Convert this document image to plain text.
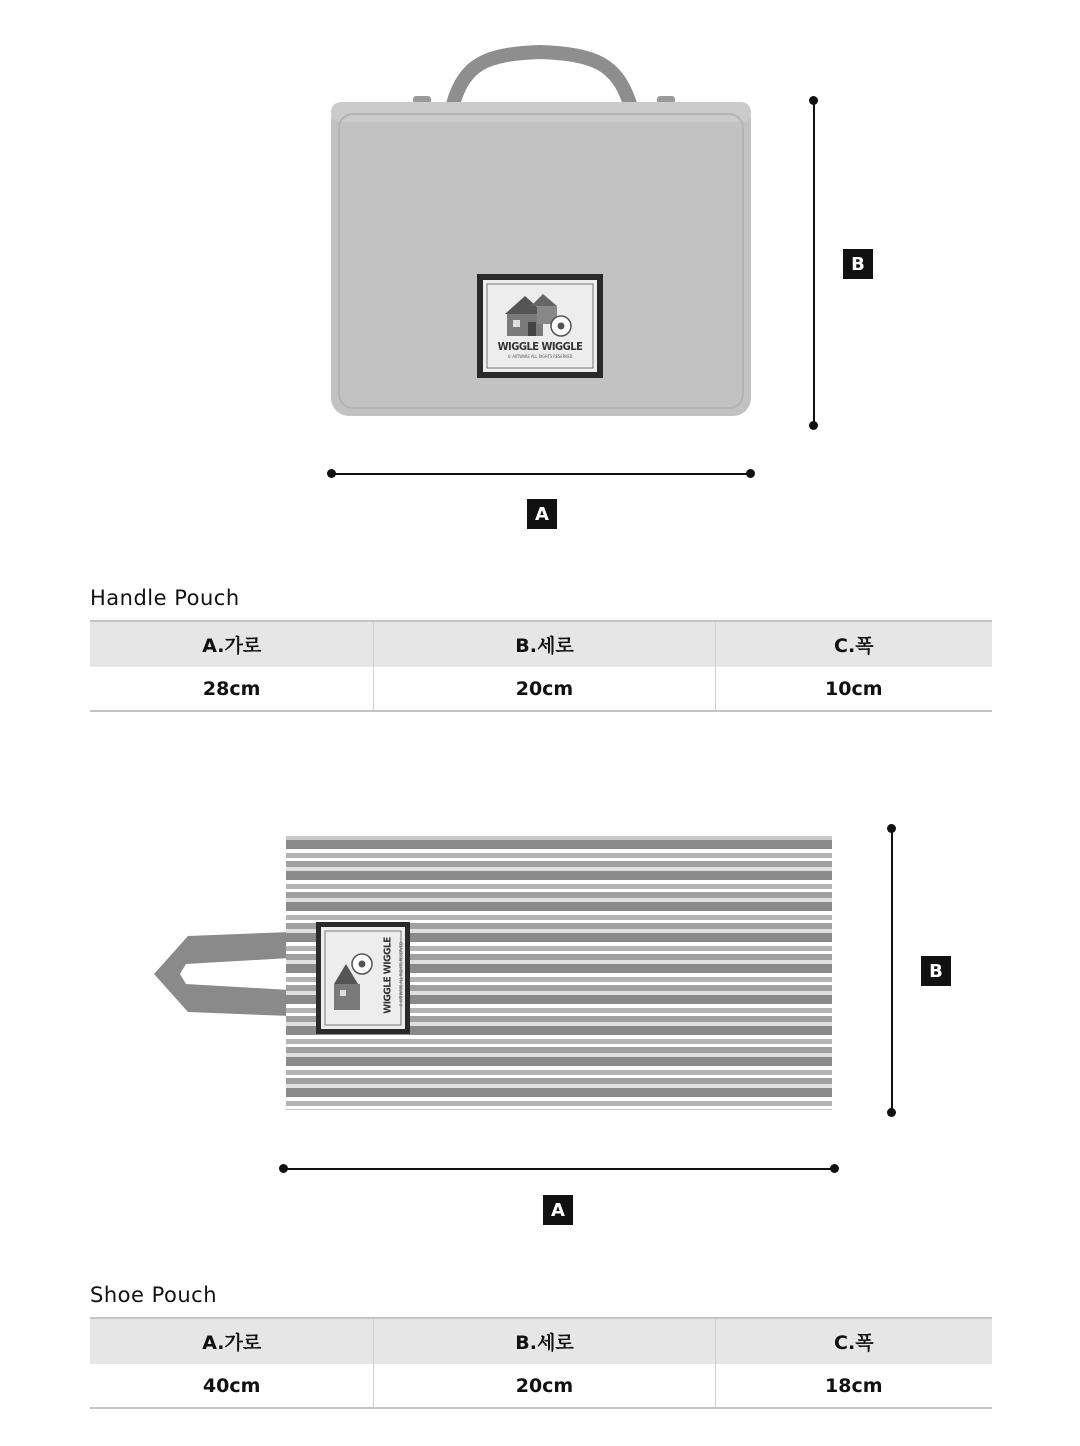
WIGGLE WIGGLE
© ARTWARE ALL RIGHTS RESERVED
B
A
Handle Pouch
A.가로	B.세로	C.폭
28cm	20cm	10cm
WIGGLE WIGGLE © ARTWARE ALL RIGHTS RESERVED	B
A
Shoe Pouch
A.가로	B.세로	C.폭
40cm	20cm	18cm
